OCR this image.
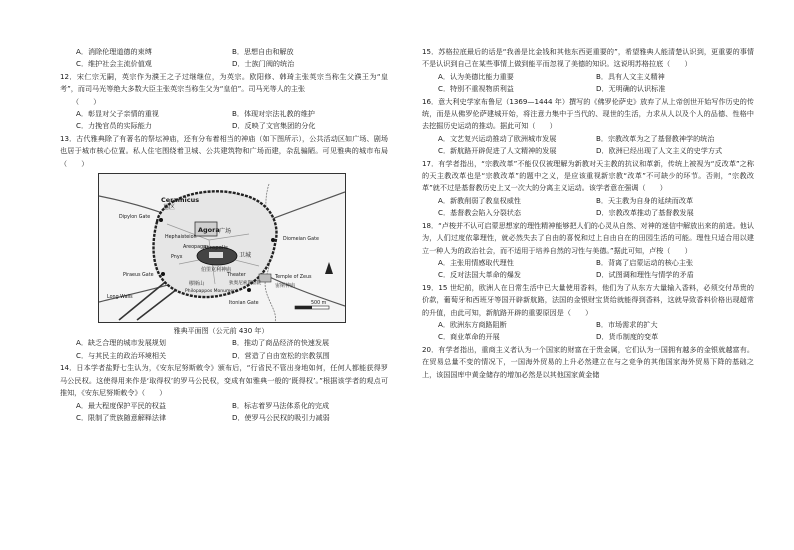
A．消除伦理道德的束缚	B．思想自由和解放
C．维护社会主流价值观	D．士族门阀的统治

12．宋仁宗无嗣，英宗作为濮王之子过继继位，为英宗。欧阳修、韩琦主张英宗当称生父濮王为“皇考”，而司马光等绝大多数大臣主张英宗当称生父为“皇伯”。司马光等人的主张

（　　）
A．彰显对父子亲情的重视	B．体现对宗法礼教的维护
C．力挽官员的实际能力	D．反映了文官集团的分化

13．古代雅典除了有著名的祭坛神庙，还有分布着相当的神庙（如下图所示），公共活动区如广场、剧场也居于城市核心位置。私人住宅围绕着卫城、公共建筑物和广场而建，杂乱骗陋。可见雅典的城市布局（　　）

Ceramicus
Agora
Acropolis
Dipylon Gate
Piraeus Gate
Diomeian Gate
Itonian Gate
Temple of Zeus
Hephaisteion
Pnyx
Areopagus
Theater
Long Walls
Philopappos Monument
墓区
广场
卫城
伯里克利神庙
宙斯神庙
狄奥尼索斯剧院
缪斯山
500 m
雅典平面图（公元前 430 年）
A．缺乏合理的城市发展规划	B．推动了商品经济的快速发展
C．与其民主的政治环境相关	D．营造了自由宽松的宗教氛围

14．日本学者盐野七生认为，《安东尼努斯敕令》颁布后，“行省民不管出身地如何，任何人都能获得罗马公民权。这使得用来作是‘取得权’的罗马公民权，变成有如雅典一般的‘既得权’。”根据该学者的观点可推知，《安东尼努斯敕令》（　　）

A．最大程度保护平民的权益	B．标志着罗马法体系化的完成
C．限制了贵族随意解释法律	D．使罗马公民权的吸引力减弱

15．苏格拉底最后的话是“我善是比金钱和其他东西更重要的”，希望雅典人能清楚认识到，更重要的事情不是认识到自己在某些事情上做到能平而忽视了美德的知识。这说明苏格拉底（　　）

A．认为美德比能力重要	B．具有人文主义精神
C．特别不重视物质利益	D．无明确的认识标准

16．意大利史学家布鲁尼（1369—1444 年）撰写的《佛罗伦萨史》放弃了从上帝创世开始写作历史的传统，而是从佛罗伦萨建城开始，将注意力集中于当代的、现世的生活，力求从人以及个人的品德、性格中去挖掘历史运动的推动。据此可知（　　）

A．文艺复兴运动推动了欧洲城市发展	B．宗教改革为之了基督教神学的统治
C．新航路开辟促进了人文精神的发展	D．欧洲已经出现了人文主义的史学方式

17．有学者指出，“宗教改革”不能仅仅被理解为新教对天主教的抗议和革新，传统上被视为“反改革”之称的天主教改革也是“宗教改革”的题中之义，是应该重视新宗教“改革”不可缺少的环节。否则，“宗教改革”就不过是基督教历史上又一次大的分离主义运动。该学者意在强调（　　）

A．新教削弱了教皇权威性	B．天主教为自身的延续而改革
C．基督教会陷入分裂状态	D．宗教改革推动了基督教发展

18．“卢梭并不认可启蒙思想家的理性精神能够把人们的心灵从自然、对神的迷信中解放出来的前进。他认为，人们过度依靠理性，就必然失去了自由的喜悦和过上自由自在的田园生活的可能。理性只适合用以建立一种人为的政治社会，而不适用于培养自然的习性与美德。”据此可知，卢梭（　　）

A．主张用情感取代理性	B．背离了启蒙运动的核心主张
C．反对法国大革命的爆发	D．试图调和理性与情学的矛盾

19．15 世纪前，欧洲人在日常生活中已大量使用香料，他们为了从东方大量输入香料，必须交付昂贵的价款，葡萄牙和西班牙等国开辟新航路，法国的金银财宝货给就能得到香料，这就导致香料价格出现超常的升值，由此可知，新航路开辟的重要原因是（　　）

A．欧洲东方商路阻断	B．市场需求的扩大
C．商业革命的开展	D．货币制度的变革

20．有学者指出，重商主义者认为一个国家的财富在于贵金属，它们认为一国拥有越多的金银就越富有。在贸易总量不变的情况下，一国海外贸易的上升必然建立在与之竞争的其他国家海外贸易下降的基础之上，该国国库中黄金储存的增加必然是以其他国家黄金储
